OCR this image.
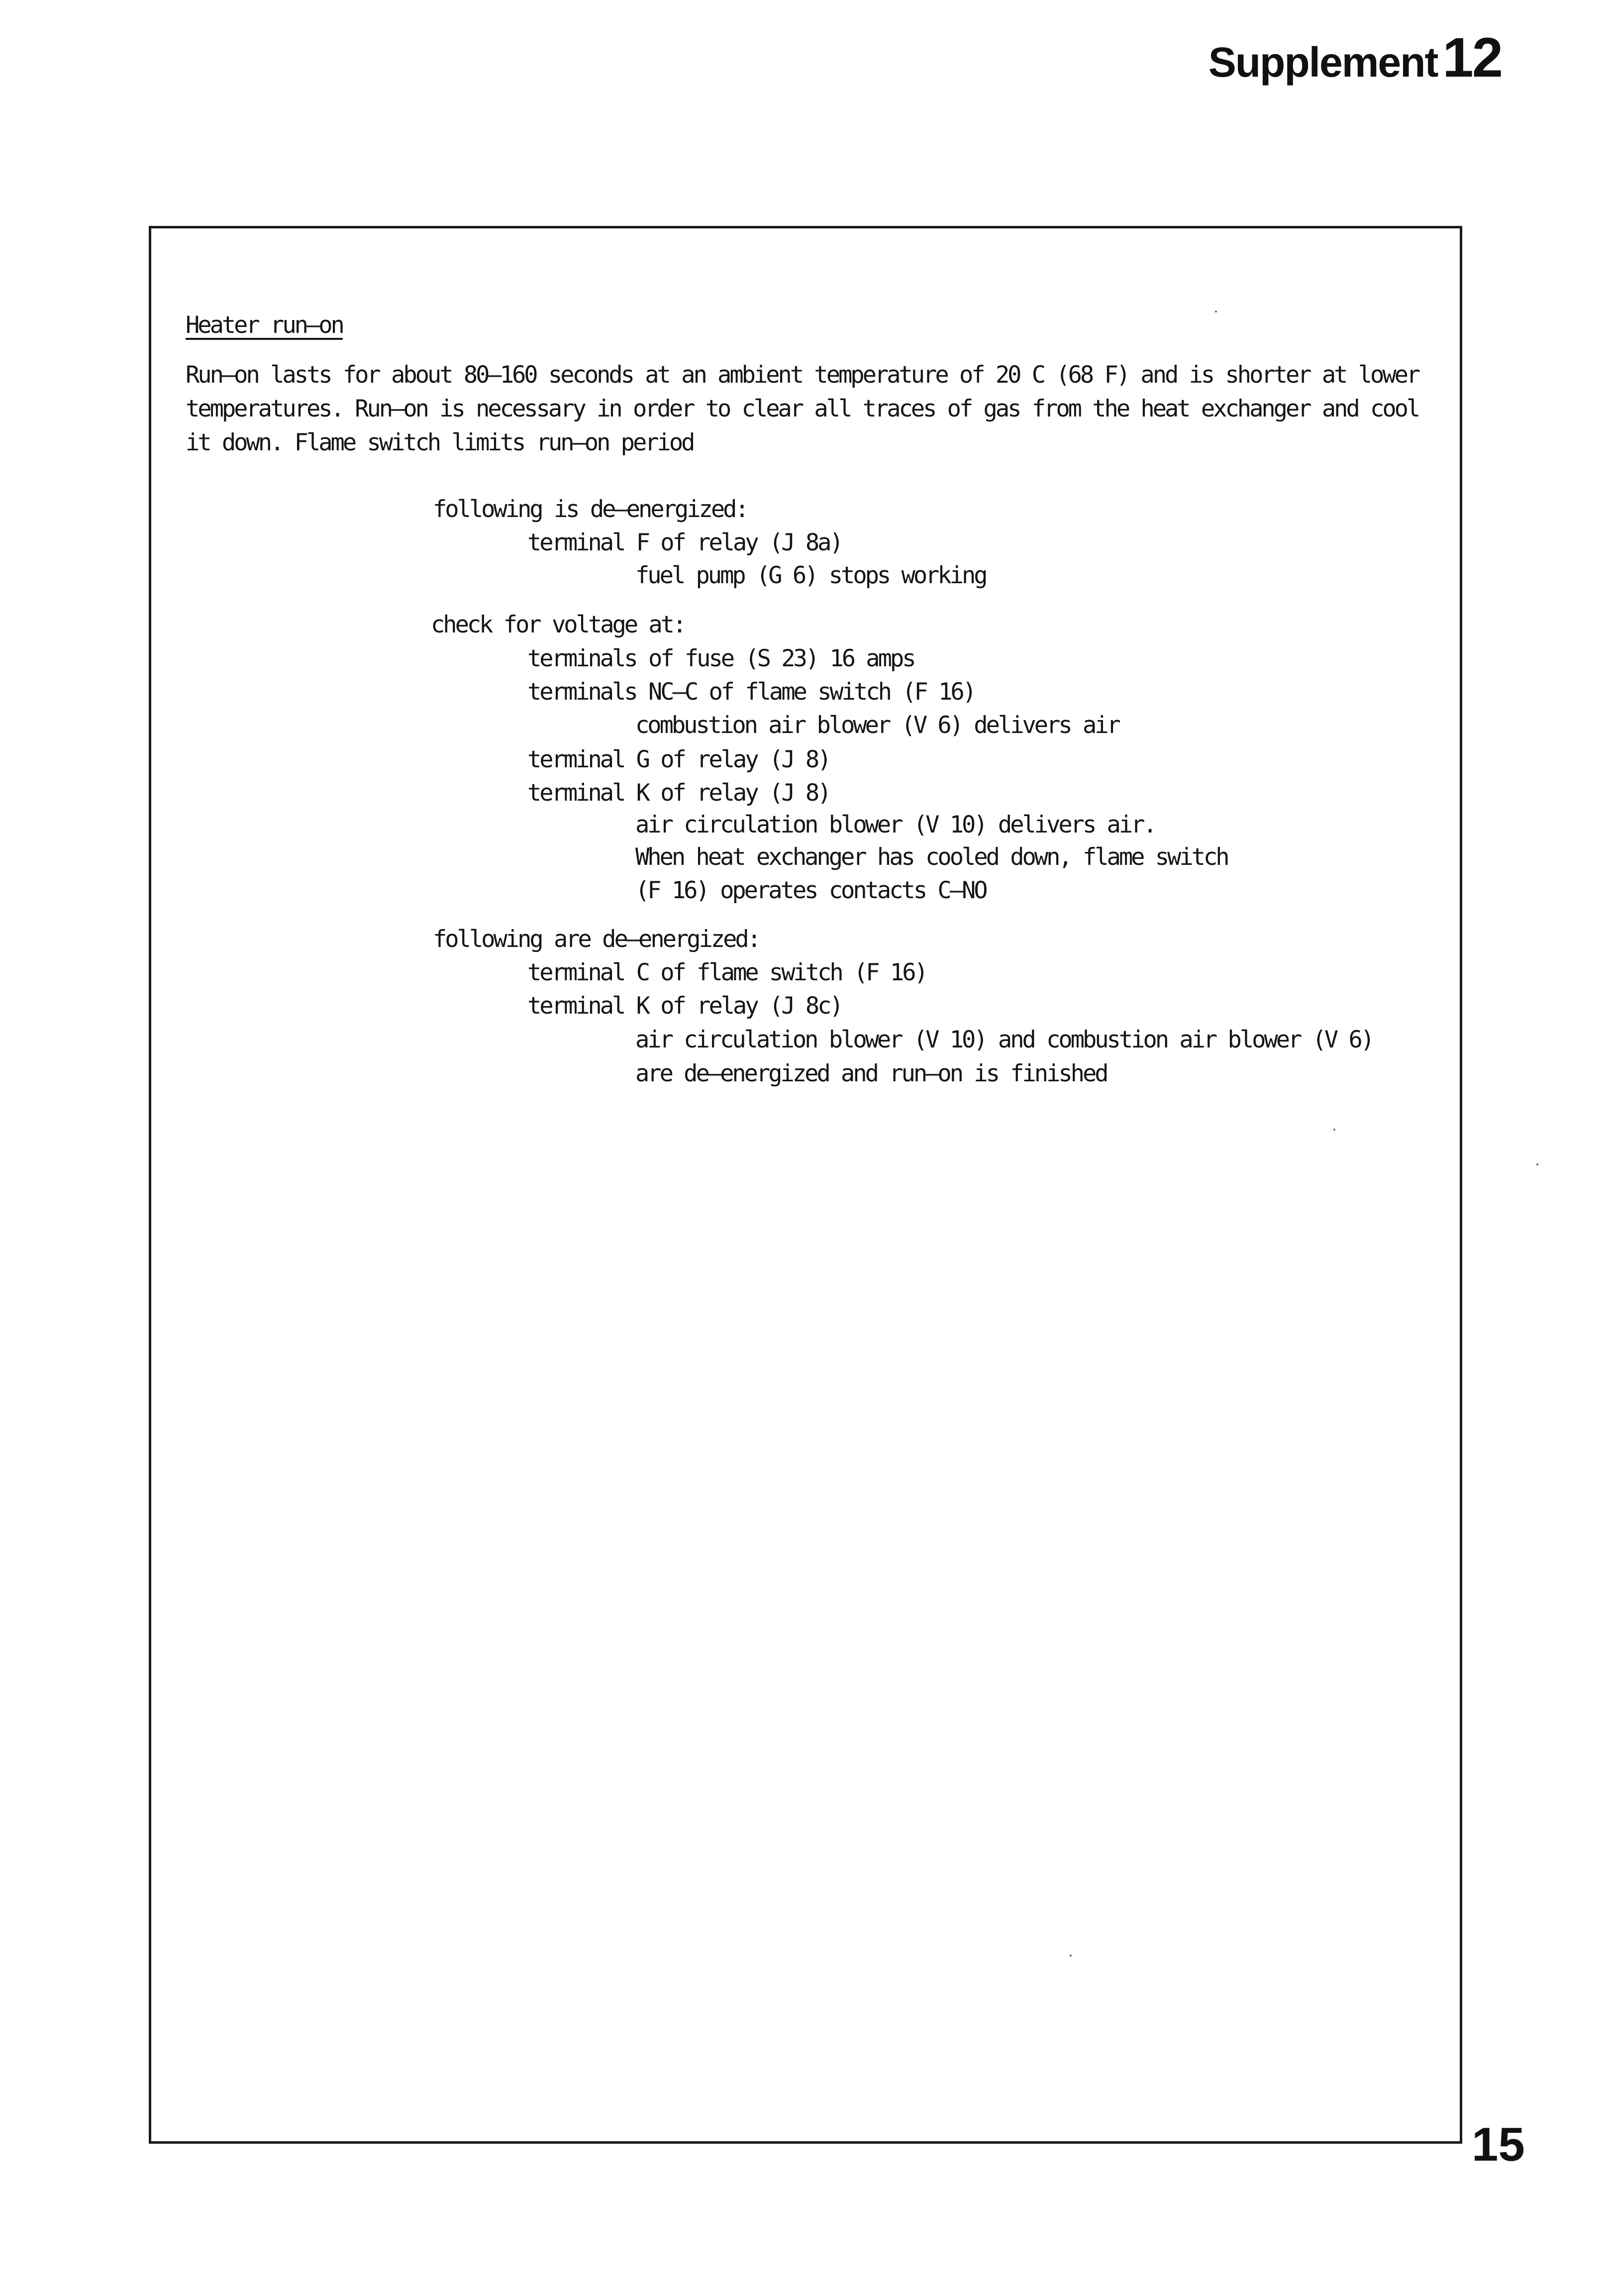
Supplement12
Heater run—on
Run—on lasts for about 80—160 seconds at an ambient temperature of 20 C (68 F) and is shorter at lower
temperatures. Run—on is necessary in order to clear all traces of gas from the heat exchanger and cool
it down. Flame switch limits run—on period
following is de—energized:
terminal F of relay (J 8a)
fuel pump (G 6) stops working
check for voltage at:
terminals of fuse (S 23) 16 amps
terminals NC—C of flame switch (F 16)
combustion air blower (V 6) delivers air
terminal G of relay (J 8)
terminal K of relay (J 8)
air circulation blower (V 10) delivers air.
When heat exchanger has cooled down, flame switch
(F 16) operates contacts C—NO
following are de—energized:
terminal C of flame switch (F 16)
terminal K of relay (J 8c)
air circulation blower (V 10) and combustion air blower (V 6)
are de—energized and run—on is finished
15
